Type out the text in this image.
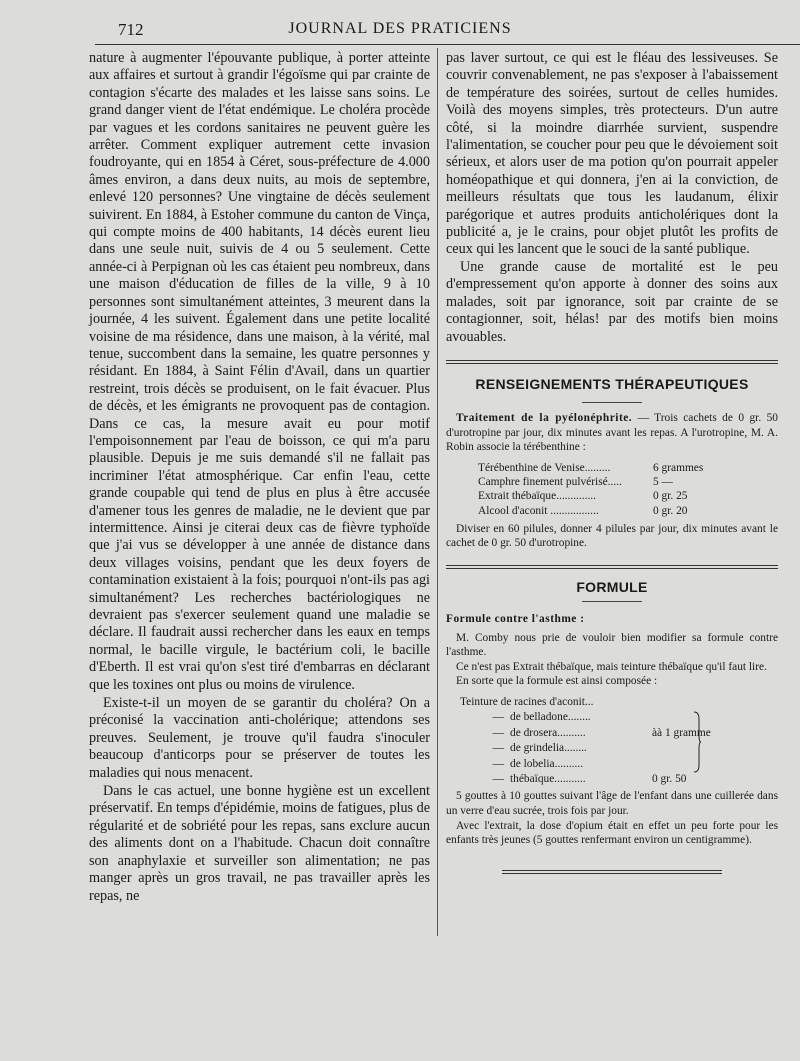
712	JOURNAL DES PRATICIENS

nature à augmenter l'épouvante publique, à porter atteinte aux affaires et surtout à grandir l'égoïsme qui par crainte de contagion s'écarte des malades et les laisse sans soins. Le grand danger vient de l'état endémique. Le choléra procède par vagues et les cordons sanitaires ne peuvent guère les arrêter. Comment expliquer autrement cette invasion foudroyante, qui en 1854 à Céret, sous-préfecture de 4.000 âmes environ, a dans deux nuits, au mois de septembre, enlevé 120 personnes? Une vingtaine de décès seulement suivirent. En 1884, à Estoher commune du canton de Vinça, qui compte moins de 400 habitants, 14 décès eurent lieu dans une seule nuit, suivis de 4 ou 5 seulement. Cette année-ci à Perpignan où les cas étaient peu nombreux, dans une maison d'éducation de filles de la ville, 9 à 10 personnes sont simultanément atteintes, 3 meurent dans la journée, 4 les suivent. Également dans une petite localité voisine de ma résidence, dans une maison, à la vérité, mal tenue, succombent dans la semaine, les quatre personnes y résidant. En 1884, à Saint Félin d'Avail, dans un quartier restreint, trois décès se produisent, on le fait évacuer. Plus de décès, et les émigrants ne provoquent pas de contagion. Dans ce cas, la mesure avait eu pour motif l'empoisonnement par l'eau de boisson, ce qui m'a paru plausible. Depuis je me suis demandé s'il ne fallait pas incriminer l'état atmosphérique. Car enfin l'eau, cette grande coupable qui tend de plus en plus à être accusée d'amener tous les genres de maladie, ne le devient que par intermittence. Ainsi je citerai deux cas de fièvre typhoïde que j'ai vus se développer à une année de distance dans deux villages voisins, pendant que les deux foyers de contamination existaient à la fois; pourquoi n'ont-ils pas agi simultanément? Les recherches bactériologiques ne devraient pas s'exercer seulement quand une maladie se déclare. Il faudrait aussi rechercher dans les eaux en temps normal, le bacille virgule, le bactérium coli, le bacille d'Eberth. Il est vrai qu'on s'est tiré d'embarras en déclarant que les toxines ont plus ou moins de virulence.

Existe-t-il un moyen de se garantir du choléra? On a préconisé la vaccination anti-cholérique; attendons ses preuves. Seulement, je trouve qu'il faudra s'inoculer beaucoup d'anticorps pour se préserver de toutes les maladies qui nous menacent.

Dans le cas actuel, une bonne hygiène est un excellent préservatif. En temps d'épidémie, moins de fatigues, plus de régularité et de sobriété pour les repas, sans exclure aucun des aliments dont on a l'habitude. Chacun doit connaître son anaphylaxie et surveiller son alimentation; ne pas manger après un gros travail, ne pas travailler après les repas, ne

pas laver surtout, ce qui est le fléau des lessiveuses. Se couvrir convenablement, ne pas s'exposer à l'abaissement de température des soirées, surtout de celles humides. Voilà des moyens simples, très protecteurs. D'un autre côté, si la moindre diarrhée survient, suspendre l'alimentation, se coucher pour peu que le dévoiement soit sérieux, et alors user de ma potion qu'on pourrait appeler homéopathique et qui donnera, j'en ai la conviction, de meilleurs résultats que tous les laudanum, élixir parégorique et autres produits anticholériques dont la publicité a, je le crains, pour objet plutôt les profits de ceux qui les lancent que le souci de la santé publique.

Une grande cause de mortalité est le peu d'empressement qu'on apporte à donner des soins aux malades, soit par ignorance, soit par crainte de se contagionner, soit, hélas! par des motifs bien moins avouables.

RENSEIGNEMENTS THÉRAPEUTIQUES

Traitement de la pyélonéphrite. — Trois cachets de 0 gr. 50 d'urotropine par jour, dix minutes avant les repas. A l'urotropine, M. A. Robin associe la térébenthine :

Térébenthine de Venise.........	6 grammes
Camphre finement pulvérisé.....	5 —
Extrait thébaïque..............	0 gr. 25
Alcool d'aconit .................	0 gr. 20

Diviser en 60 pilules, donner 4 pilules par jour, dix minutes avant le cachet de 0 gr. 50 d'urotropine.

FORMULE

Formule contre l'asthme :

M. Comby nous prie de vouloir bien modifier sa formule contre l'asthme.

Ce n'est pas Extrait thébaïque, mais teinture thébaïque qu'il faut lire.

En sorte que la formule est ainsi composée :

Teinture de racines d'aconit...
— de belladone........
— de drosera..........	àà 1 gramme
— de grindelia........
— de lobelia..........
— thébaïque...........	0 gr. 50

5 gouttes à 10 gouttes suivant l'âge de l'enfant dans une cuillerée dans un verre d'eau sucrée, trois fois par jour.

Avec l'extrait, la dose d'opium était en effet un peu forte pour les enfants très jeunes (5 gouttes renfermant environ un centigramme).
